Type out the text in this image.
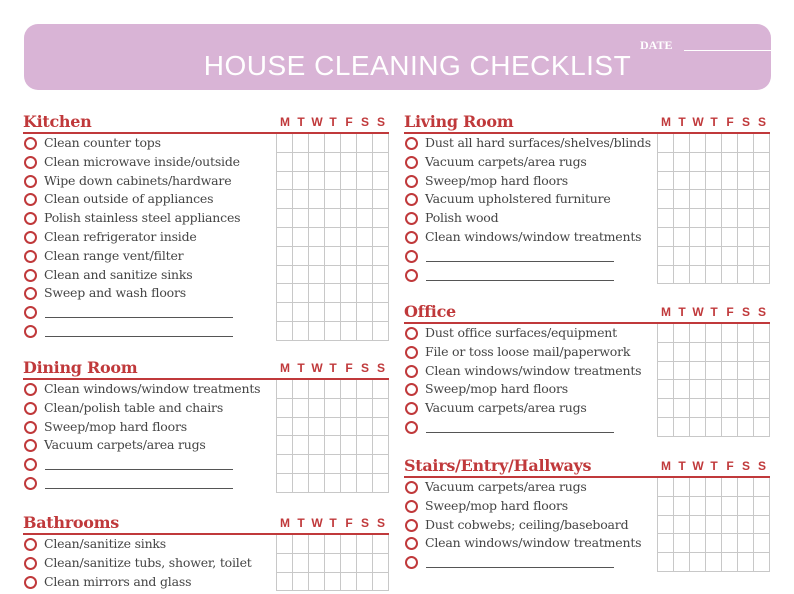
DATE
HOUSE CLEANING CHECKLIST
Kitchen	M T W T F S S
Clean counter tops
Clean microwave inside/outside
Wipe down cabinets/hardware
Clean outside of appliances
Polish stainless steel appliances
Clean refrigerator inside
Clean range vent/filter
Clean and sanitize sinks
Sweep and wash floors
Dining Room	M T W T F S S
Clean windows/window treatments
Clean/polish table and chairs
Sweep/mop hard floors
Vacuum carpets/area rugs
Bathrooms	M T W T F S S
Clean/sanitize sinks
Clean/sanitize tubs, shower, toilet
Clean mirrors and glass
Living Room	M T W T F S S
Dust all hard surfaces/shelves/blinds
Vacuum carpets/area rugs
Sweep/mop hard floors
Vacuum upholstered furniture
Polish wood
Clean windows/window treatments
Office	M T W T F S S
Dust office surfaces/equipment
File or toss loose mail/paperwork
Clean windows/window treatments
Sweep/mop hard floors
Vacuum carpets/area rugs
Stairs/Entry/Hallways	M T W T F S S
Vacuum carpets/area rugs
Sweep/mop hard floors
Dust cobwebs; ceiling/baseboard
Clean windows/window treatments
